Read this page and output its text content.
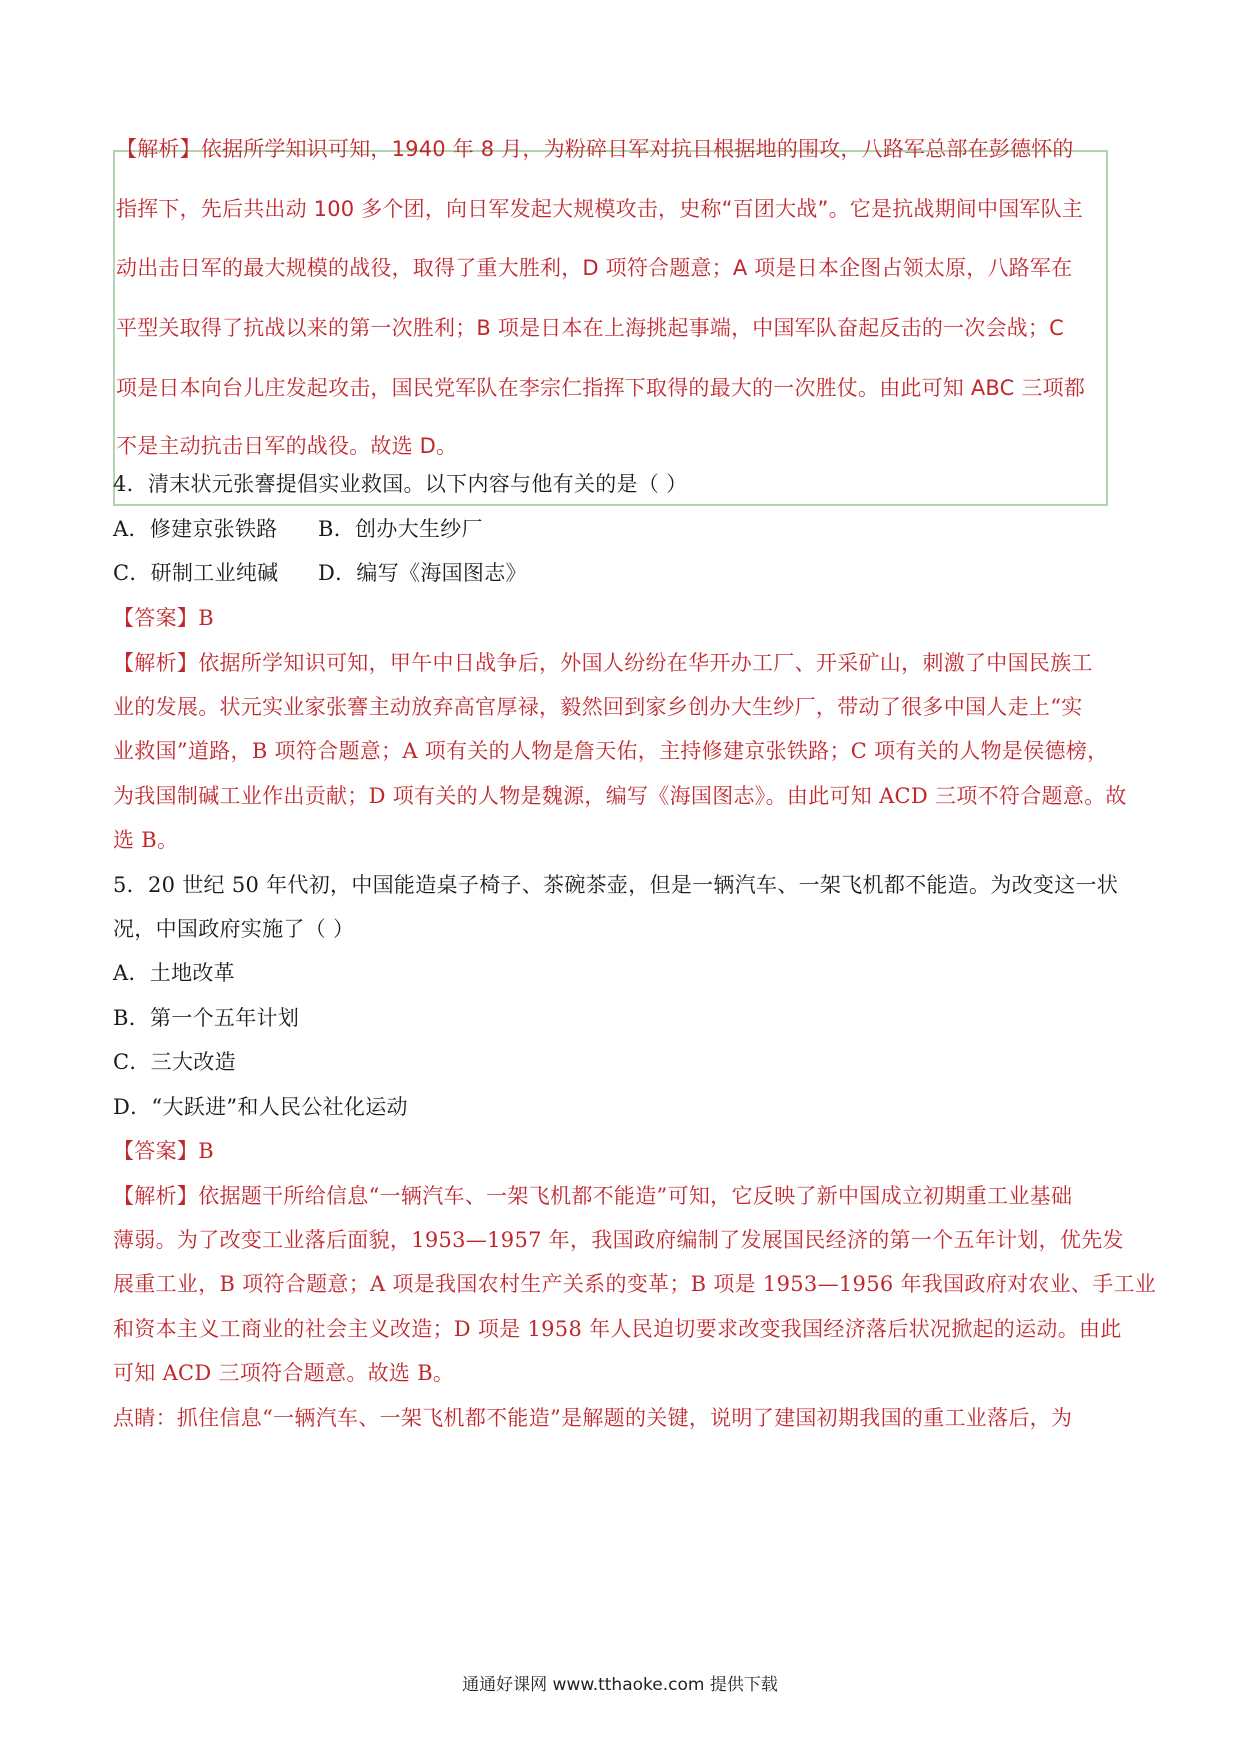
【解析】依据所学知识可知，1940 年 8 月，为粉碎日军对抗日根据地的围攻，八路军总部在彭德怀的
指挥下，先后共出动 100 多个团，向日军发起大规模攻击，史称“百团大战”。它是抗战期间中国军队主
动出击日军的最大规模的战役，取得了重大胜利，D 项符合题意；A 项是日本企图占领太原，八路军在
平型关取得了抗战以来的第一次胜利；B 项是日本在上海挑起事端，中国军队奋起反击的一次会战；C
项是日本向台儿庄发起攻击，国民党军队在李宗仁指挥下取得的最大的一次胜仗。由此可知 ABC 三项都
不是主动抗击日军的战役。故选 D。
4．清末状元张謇提倡实业救国。以下内容与他有关的是（ ）
A．修建京张铁路 B．创办大生纱厂
C．研制工业纯碱 D．编写《海国图志》
【答案】B
【解析】依据所学知识可知，甲午中日战争后，外国人纷纷在华开办工厂、开采矿山，刺激了中国民族工
业的发展。状元实业家张謇主动放弃高官厚禄，毅然回到家乡创办大生纱厂，带动了很多中国人走上“实
业救国”道路，B 项符合题意；A 项有关的人物是詹天佑，主持修建京张铁路；C 项有关的人物是侯德榜，
为我国制碱工业作出贡献；D 项有关的人物是魏源，编写《海国图志》。由此可知 ACD 三项不符合题意。故
选 B。
5．20 世纪 50 年代初，中国能造桌子椅子、茶碗茶壶，但是一辆汽车、一架飞机都不能造。为改变这一状
况，中国政府实施了（ ）
A．土地改革
B．第一个五年计划
C．三大改造
D．“大跃进”和人民公社化运动
【答案】B
【解析】依据题干所给信息“一辆汽车、一架飞机都不能造”可知，它反映了新中国成立初期重工业基础
薄弱。为了改变工业落后面貌，1953—1957 年，我国政府编制了发展国民经济的第一个五年计划，优先发
展重工业，B 项符合题意；A 项是我国农村生产关系的变革；B 项是 1953—1956 年我国政府对农业、手工业
和资本主义工商业的社会主义改造；D 项是 1958 年人民迫切要求改变我国经济落后状况掀起的运动。由此
可知 ACD 三项符合题意。故选 B。
点睛：抓住信息“一辆汽车、一架飞机都不能造”是解题的关键，说明了建国初期我国的重工业落后，为
通通好课网 www.tthaoke.com 提供下载
